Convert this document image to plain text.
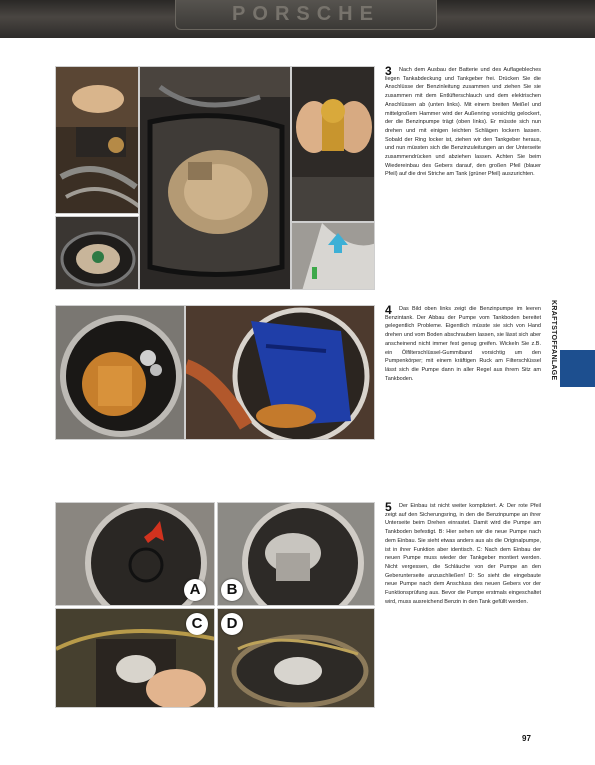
PORSCHE
KRAFTSTOFFANLAGE
3	Nach dem Ausbau der Batterie und des Auflagebleches liegen Tankabdeckung und Tankgeber frei. Drücken Sie die Anschlüsse der Benzinleitung zusammen und ziehen Sie sie zusammen mit dem Entlüfterschlauch und dem elektrischen Anschlüssen ab (unten links). Mit einem breiten Meißel und mittelgroßem Hammer wird der Außenring vorsichtig gelockert, der die Benzinpumpe trägt (oben links). Er müsste sich nun drehen und mit einigen leichten Schlägen lockern lassen. Sobald der Ring locker ist, ziehen wir den Tankgeber heraus, und nun müssten sich die Benzinzuleitungen an der Unterseite zusammendrücken und abziehen lassen. Achten Sie beim Wiedereinbau des Gebers darauf, den großen Pfeil (blauer Pfeil) auf die drei Striche am Tank (grüner Pfeil) auszurichten.

4	Das Bild oben links zeigt die Benzinpumpe im leeren Benzintank. Der Abbau der Pumpe vom Tankboden bereitet gelegentlich Probleme. Eigentlich müsste sie sich von Hand drehen und vom Boden abschrauben lassen, sie lässt sich aber anscheinend nicht immer fest genug greifen. Wickeln Sie z.B. ein Ölfilterschlüssel-Gummiband vorsichtig um den Pumpenkörper; mit einem kräftigen Ruck am Filterschlüssel lässt sich die Pumpe dann in aller Regel aus ihrem Sitz am Tankboden.

A	B
C	D
5	Der Einbau ist nicht weiter kompliziert. A: Der rote Pfeil zeigt auf den Sicherungsring, in den die Benzinpumpe an ihrer Unterseite beim Drehen einrastet. Damit wird die Pumpe am Tankboden befestigt. B: Hier sehen wir die neue Pumpe nach dem Einbau. Sie sieht etwas anders aus als die Originalpumpe, ist in ihrer Funktion aber identisch. C: Nach dem Einbau der neuen Pumpe muss wieder der Tankgeber montiert werden. Nicht vergessen, die Schläuche von der Pumpe an den Geberunterseite anzuschließen! D: So sieht die eingebaute neue Pumpe nach dem Anschluss des neuen Gebers vor der Funktionsprüfung aus. Bevor die Pumpe erstmals eingeschaltet wird, muss ausreichend Benzin in den Tank gefüllt werden.

97
